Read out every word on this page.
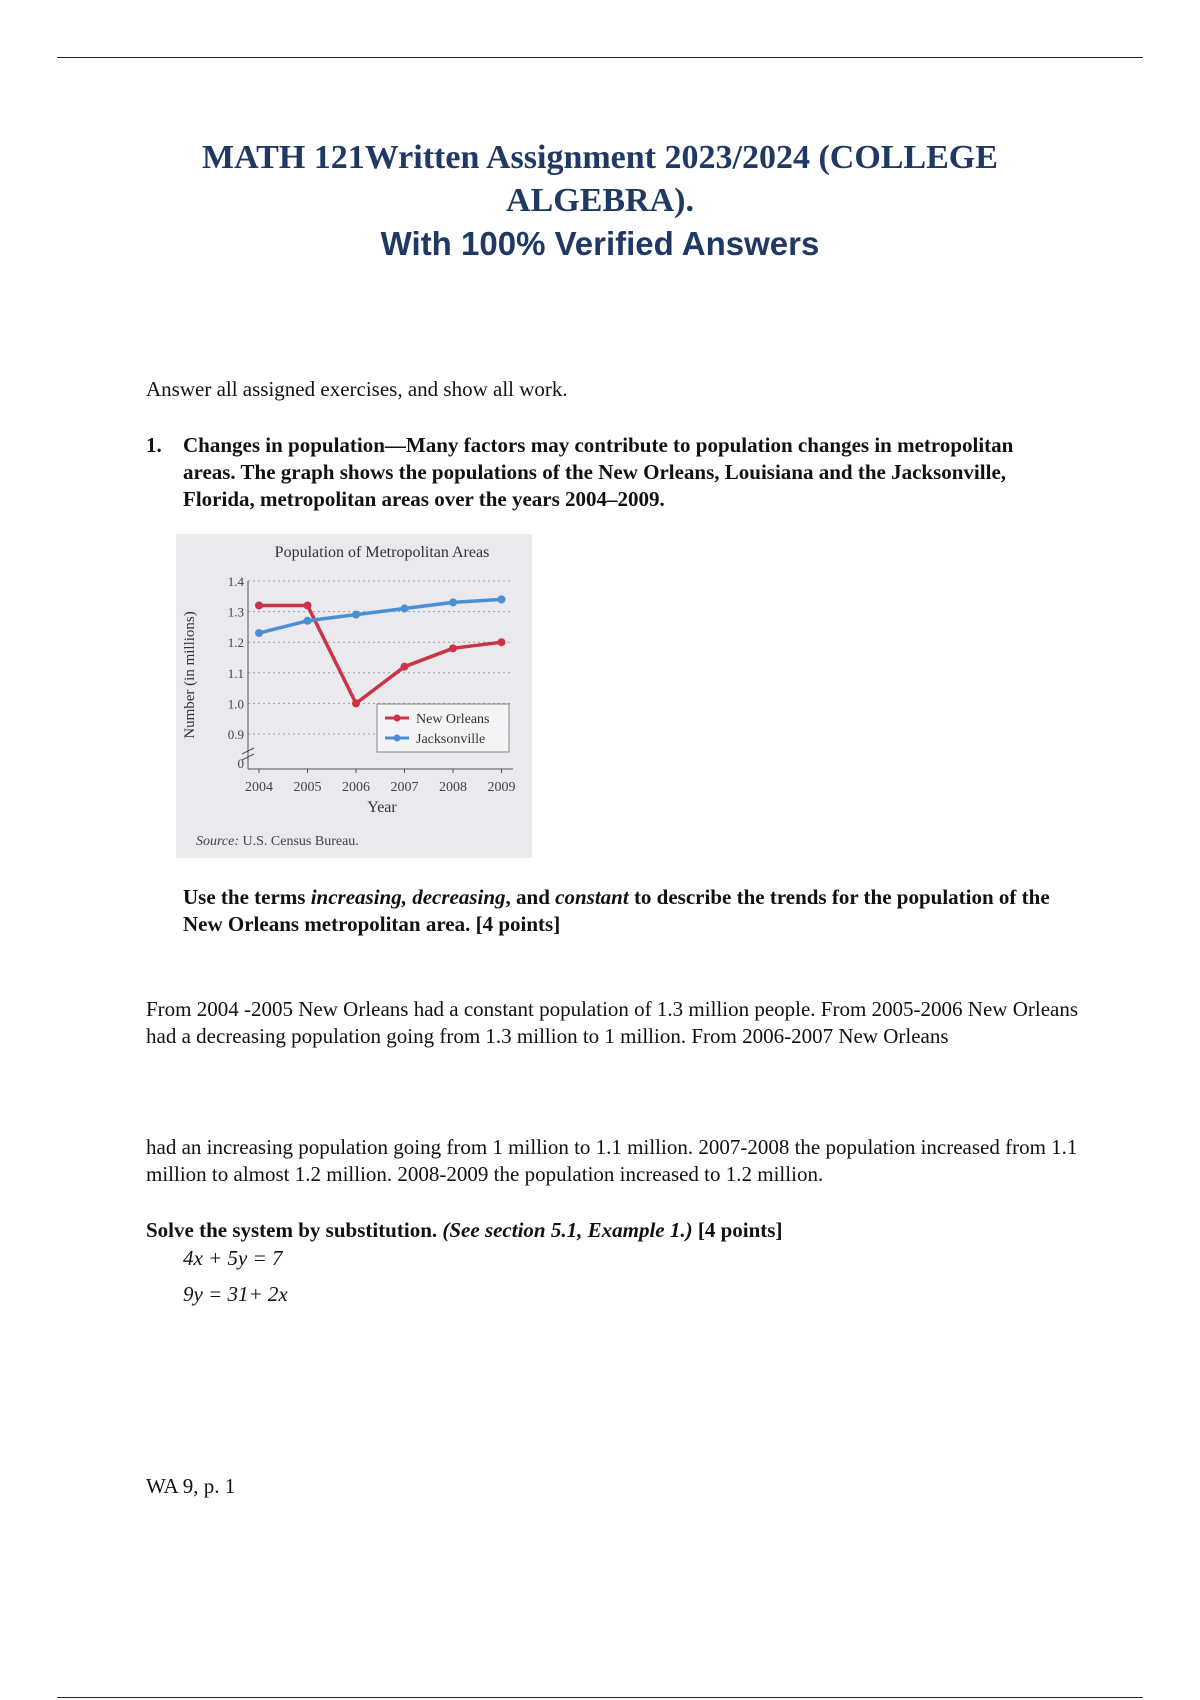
MATH 121Written Assignment 2023/2024 (COLLEGE
ALGEBRA).
With 100% Verified Answers
Answer all assigned exercises, and show all work.
1. Changes in population—Many factors may contribute to population changes in metropolitan areas. The graph shows the populations of the New Orleans, Louisiana and the Jacksonville, Florida, metropolitan areas over the years 2004–2009.
Population of Metropolitan Areas
0
0.9
1.0
1.1
1.2
1.3
1.4
2004 2005 2006 2007 2008 2009
New Orleans
Jacksonville
Number (in millions)
Year
Source: U.S. Census Bureau.
Use the terms increasing, decreasing, and constant to describe the trends for the population of the New Orleans metropolitan area. [4 points]

From 2004 -2005 New Orleans had a constant population of 1.3 million people. From 2005-2006 New Orleans had a decreasing population going from 1.3 million to 1 million. From 2006-2007 New Orleans

had an increasing population going from 1 million to 1.1 million. 2007-2008 the population increased from 1.1 million to almost 1.2 million. 2008-2009 the population increased to 1.2 million.

Solve the system by substitution. (See section 5.1, Example 1.) [4 points]
4x + 5y = 7
9y = 31+ 2x
WA 9, p. 1
